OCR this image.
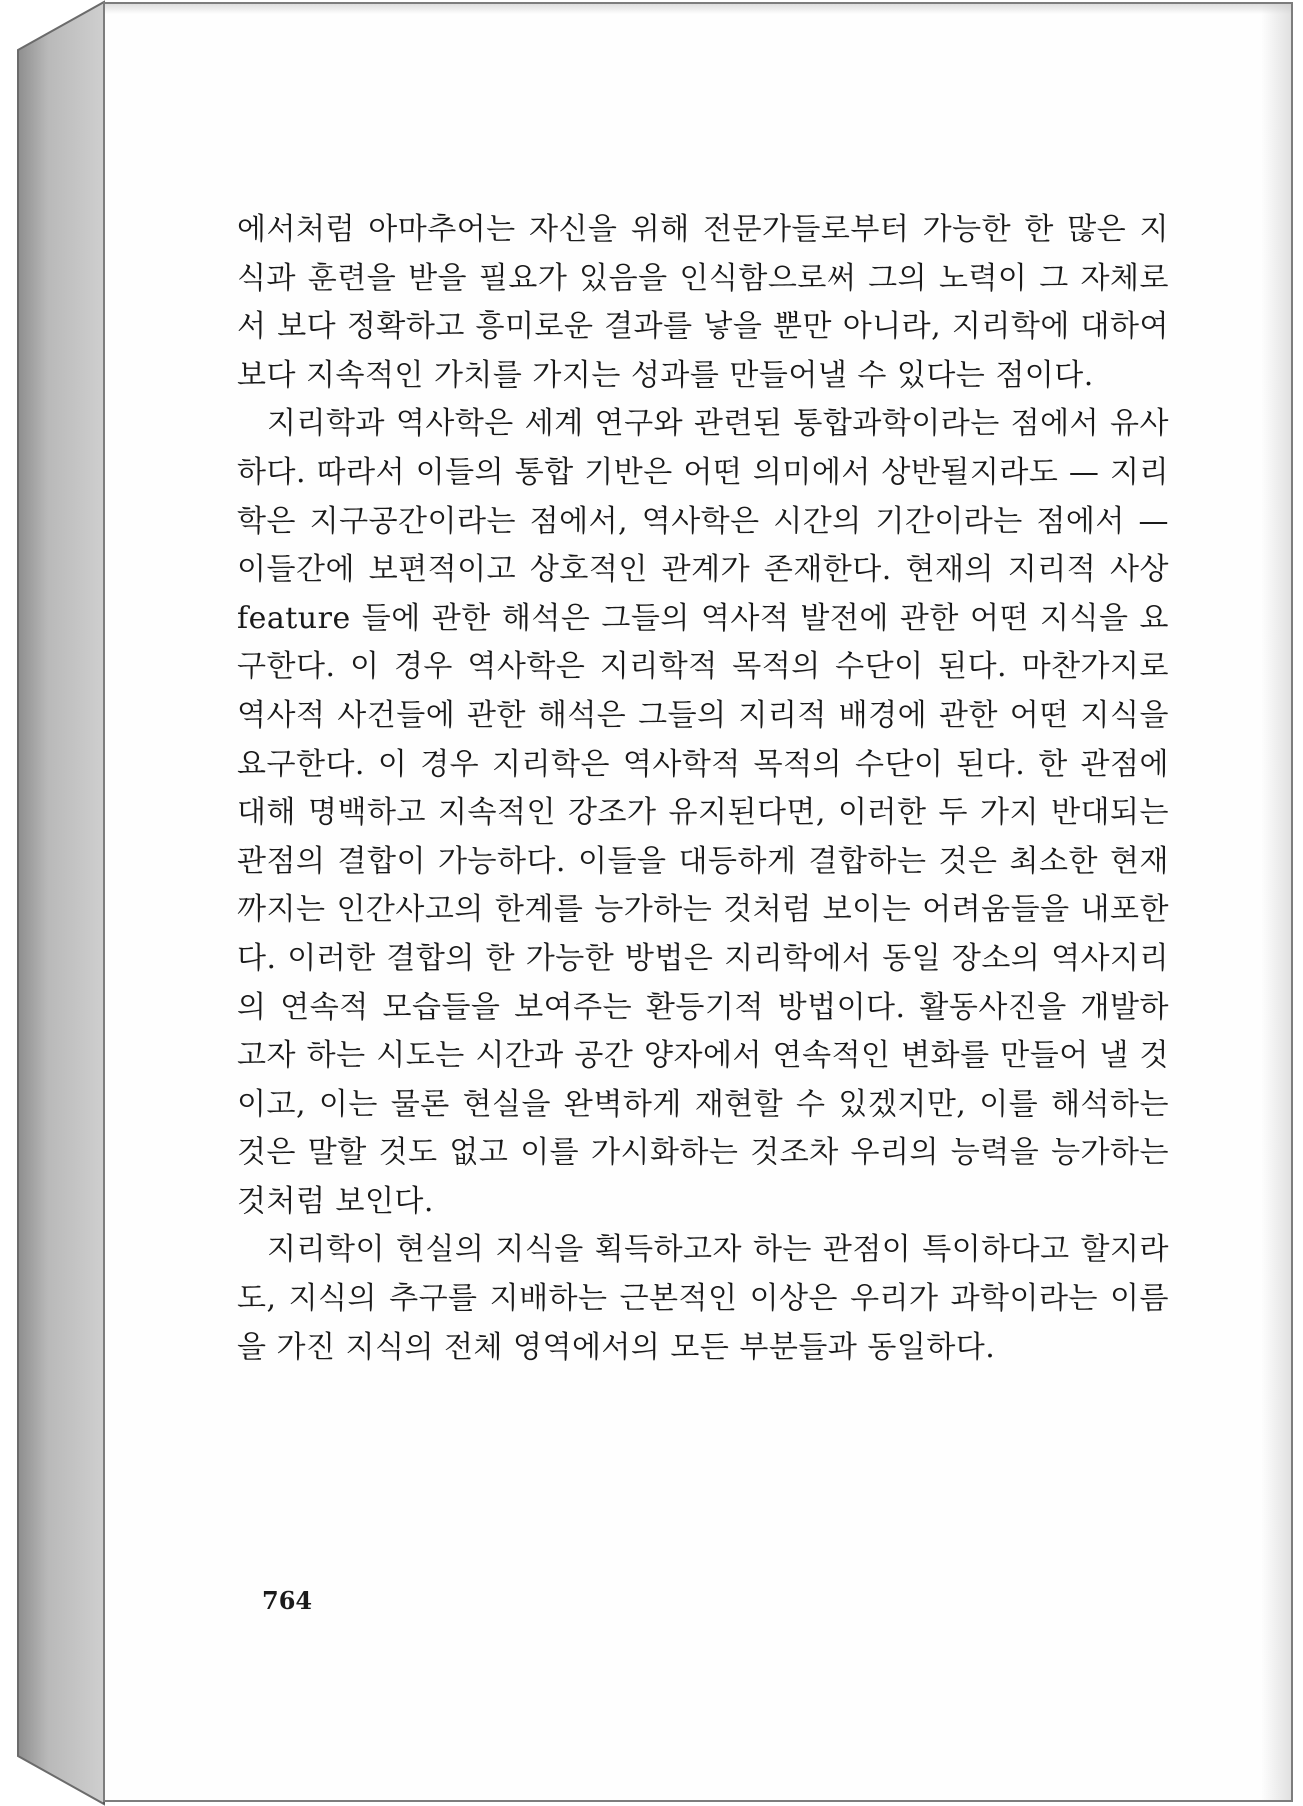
에서처럼 아마추어는 자신을 위해 전문가들로부터 가능한 한 많은 지식과 훈련을 받을 필요가 있음을 인식함으로써 그의 노력이 그 자체로서 보다 정확하고 흥미로운 결과를 낳을 뿐만 아니라, 지리학에 대하여 보다 지속적인 가치를 가지는 성과를 만들어낼 수 있다는 점이다.

지리학과 역사학은 세계 연구와 관련된 통합과학이라는 점에서 유사하다. 따라서 이들의 통합 기반은 어떤 의미에서 상반될지라도 — 지리학은 지구공간이라는 점에서, 역사학은 시간의 기간이라는 점에서 — 이들간에 보편적이고 상호적인 관계가 존재한다. 현재의 지리적 사상 feature 들에 관한 해석은 그들의 역사적 발전에 관한 어떤 지식을 요구한다. 이 경우 역사학은 지리학적 목적의 수단이 된다. 마찬가지로 역사적 사건들에 관한 해석은 그들의 지리적 배경에 관한 어떤 지식을 요구한다. 이 경우 지리학은 역사학적 목적의 수단이 된다. 한 관점에 대해 명백하고 지속적인 강조가 유지된다면, 이러한 두 가지 반대되는 관점의 결합이 가능하다. 이들을 대등하게 결합하는 것은 최소한 현재까지는 인간사고의 한계를 능가하는 것처럼 보이는 어려움들을 내포한다. 이러한 결합의 한 가능한 방법은 지리학에서 동일 장소의 역사지리의 연속적 모습들을 보여주는 환등기적 방법이다. 활동사진을 개발하고자 하는 시도는 시간과 공간 양자에서 연속적인 변화를 만들어 낼 것이고, 이는 물론 현실을 완벽하게 재현할 수 있겠지만, 이를 해석하는 것은 말할 것도 없고 이를 가시화하는 것조차 우리의 능력을 능가하는 것처럼 보인다.

지리학이 현실의 지식을 획득하고자 하는 관점이 특이하다고 할지라도, 지식의 추구를 지배하는 근본적인 이상은 우리가 과학이라는 이름을 가진 지식의 전체 영역에서의 모든 부분들과 동일하다.

764
